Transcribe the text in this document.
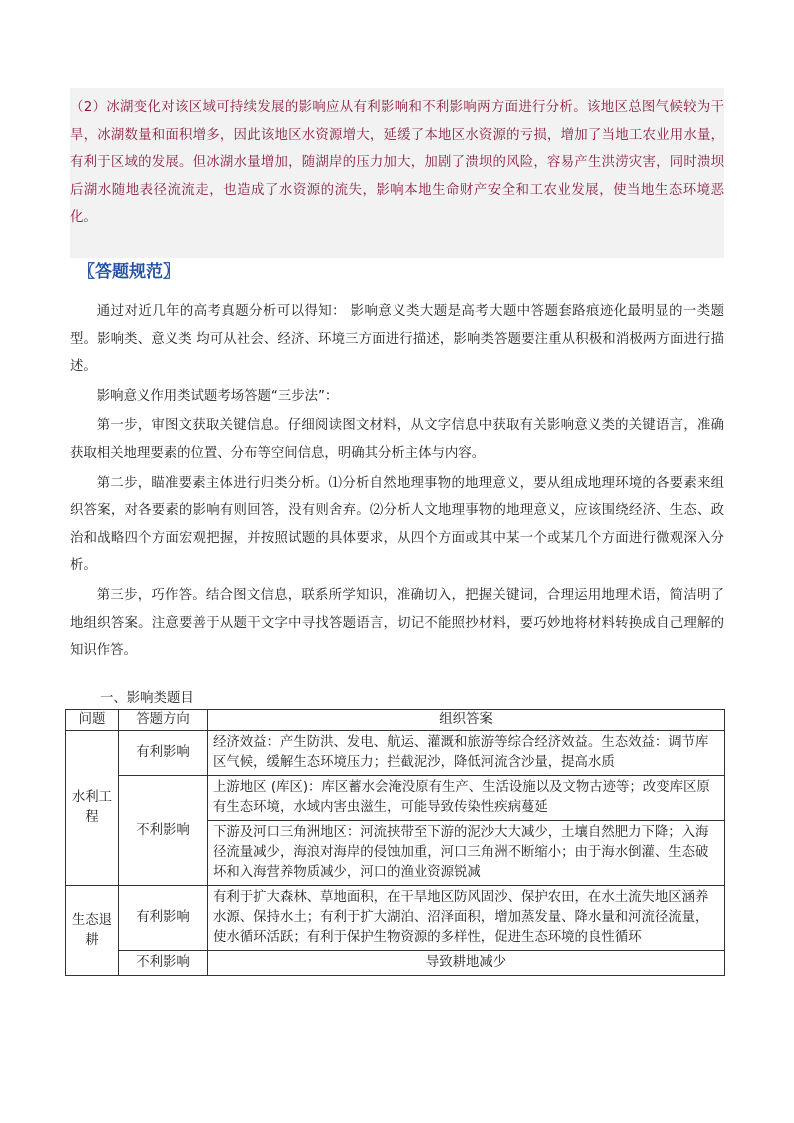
（2）冰湖变化对该区域可持续发展的影响应从有利影响和不利影响两方面进行分析。该地区总图气候较为干旱，冰湖数量和面积增多，因此该地区水资源增大，延缓了本地区水资源的亏损，增加了当地工农业用水量，有利于区域的发展。但冰湖水量增加，随湖岸的压力加大，加剧了溃坝的风险，容易产生洪涝灾害，同时溃坝后湖水随地表径流流走，也造成了水资源的流失，影响本地生命财产安全和工农业发展，使当地生态环境恶化。

〖答题规范〗

通过对近几年的高考真题分析可以得知： 影响意义类大题是高考大题中答题套路痕迹化最明显的一类题型。影响类、意义类 均可从社会、经济、环境三方面进行描述，影响类答题要注重从积极和消极两方面进行描述。

影响意义作用类试题考场答题“三步法”：

第一步，审图文获取关键信息。仔细阅读图文材料，从文字信息中获取有关影响意义类的关键语言，准确获取相关地理要素的位置、分布等空间信息，明确其分析主体与内容。

第二步，瞄准要素主体进行归类分析。⑴分析自然地理事物的地理意义，要从组成地理环境的各要素来组织答案，对各要素的影响有则回答，没有则舍弃。⑵分析人文地理事物的地理意义，应该围绕经济、生态、政治和战略四个方面宏观把握，并按照试题的具体要求，从四个方面或其中某一个或某几个方面进行微观深入分析。

第三步，巧作答。结合图文信息，联系所学知识，准确切入，把握关键词，合理运用地理术语，简洁明了地组织答案。注意要善于从题干文字中寻找答题语言，切记不能照抄材料，要巧妙地将材料转换成自己理解的知识作答。

一、影响类题目
问题	答题方向	组织答案
水利工程	有利影响	经济效益：产生防洪、发电、航运、灌溉和旅游等综合经济效益。生态效益：调节库区气候，缓解生态环境压力；拦截泥沙，降低河流含沙量，提高水质
	不利影响	上游地区 (库区)：库区蓄水会淹没原有生产、生活设施以及文物古迹等；改变库区原有生态环境，水域内害虫滋生，可能导致传染性疾病蔓延
		下游及河口三角洲地区：河流挟带至下游的泥沙大大减少，土壤自然肥力下降；入海径流量减少，海浪对海岸的侵蚀加重，河口三角洲不断缩小；由于海水倒灌、生态破坏和入海营养物质减少，河口的渔业资源锐减
生态退耕	有利影响	有利于扩大森林、草地面积，在干旱地区防风固沙、保护农田，在水土流失地区涵养水源、保持水土；有利于扩大湖泊、沼泽面积，增加蒸发量、降水量和河流径流量，使水循环活跃；有利于保护生物资源的多样性，促进生态环境的良性循环
	不利影响	导致耕地减少
